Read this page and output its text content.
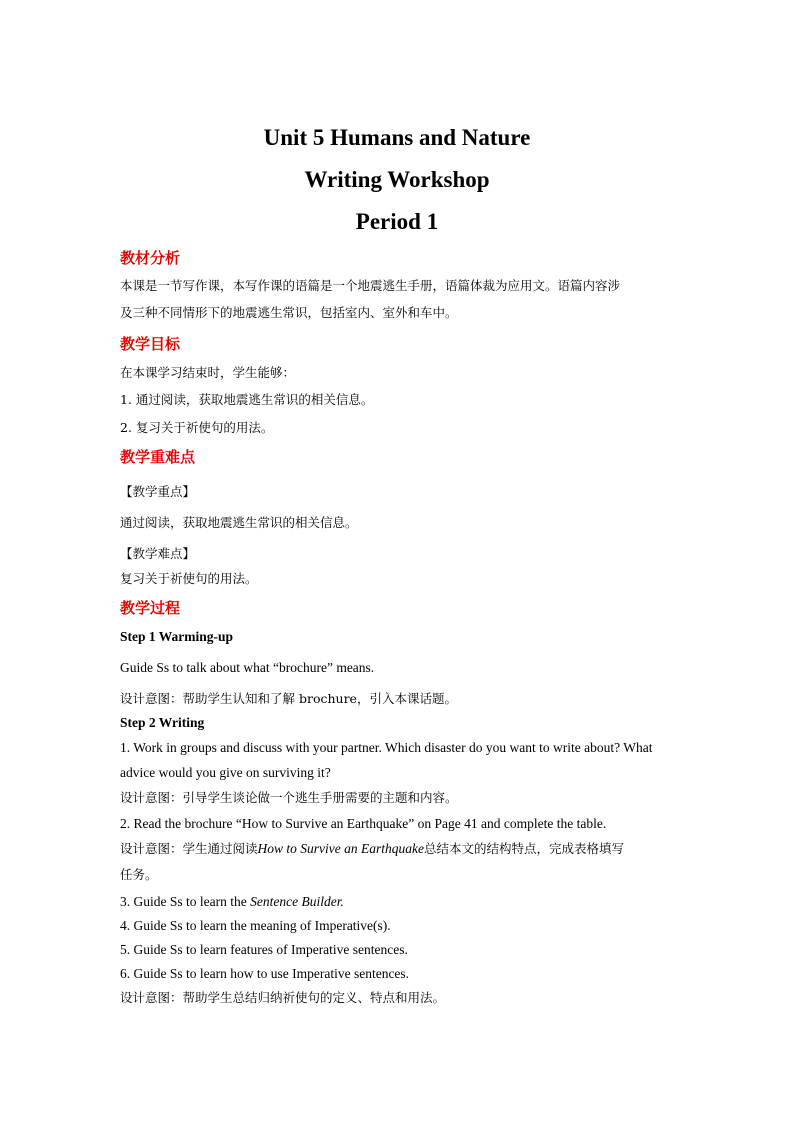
Unit 5 Humans and Nature
Writing Workshop
Period 1
教材分析
本课是一节写作课，本写作课的语篇是一个地震逃生手册，语篇体裁为应用文。语篇内容涉
及三种不同情形下的地震逃生常识，包括室内、室外和车中。
教学目标
在本课学习结束时，学生能够：
1. 通过阅读，获取地震逃生常识的相关信息。
2. 复习关于祈使句的用法。
教学重难点
【教学重点】
通过阅读，获取地震逃生常识的相关信息。
【教学难点】
复习关于祈使句的用法。
教学过程
Step 1 Warming-up
Guide Ss to talk about what “brochure” means.
设计意图：帮助学生认知和了解 brochure，引入本课话题。
Step 2 Writing
1. Work in groups and discuss with your partner. Which disaster do you want to write about? What
advice would you give on surviving it?
设计意图：引导学生谈论做一个逃生手册需要的主题和内容。
2. Read the brochure “How to Survive an Earthquake” on Page 41 and complete the table.
设计意图：学生通过阅读How to Survive an Earthquake总结本文的结构特点，完成表格填写
任务。
3. Guide Ss to learn the Sentence Builder.
4. Guide Ss to learn the meaning of Imperative(s).
5. Guide Ss to learn features of Imperative sentences.
6. Guide Ss to learn how to use Imperative sentences.
设计意图：帮助学生总结归纳祈使句的定义、特点和用法。
